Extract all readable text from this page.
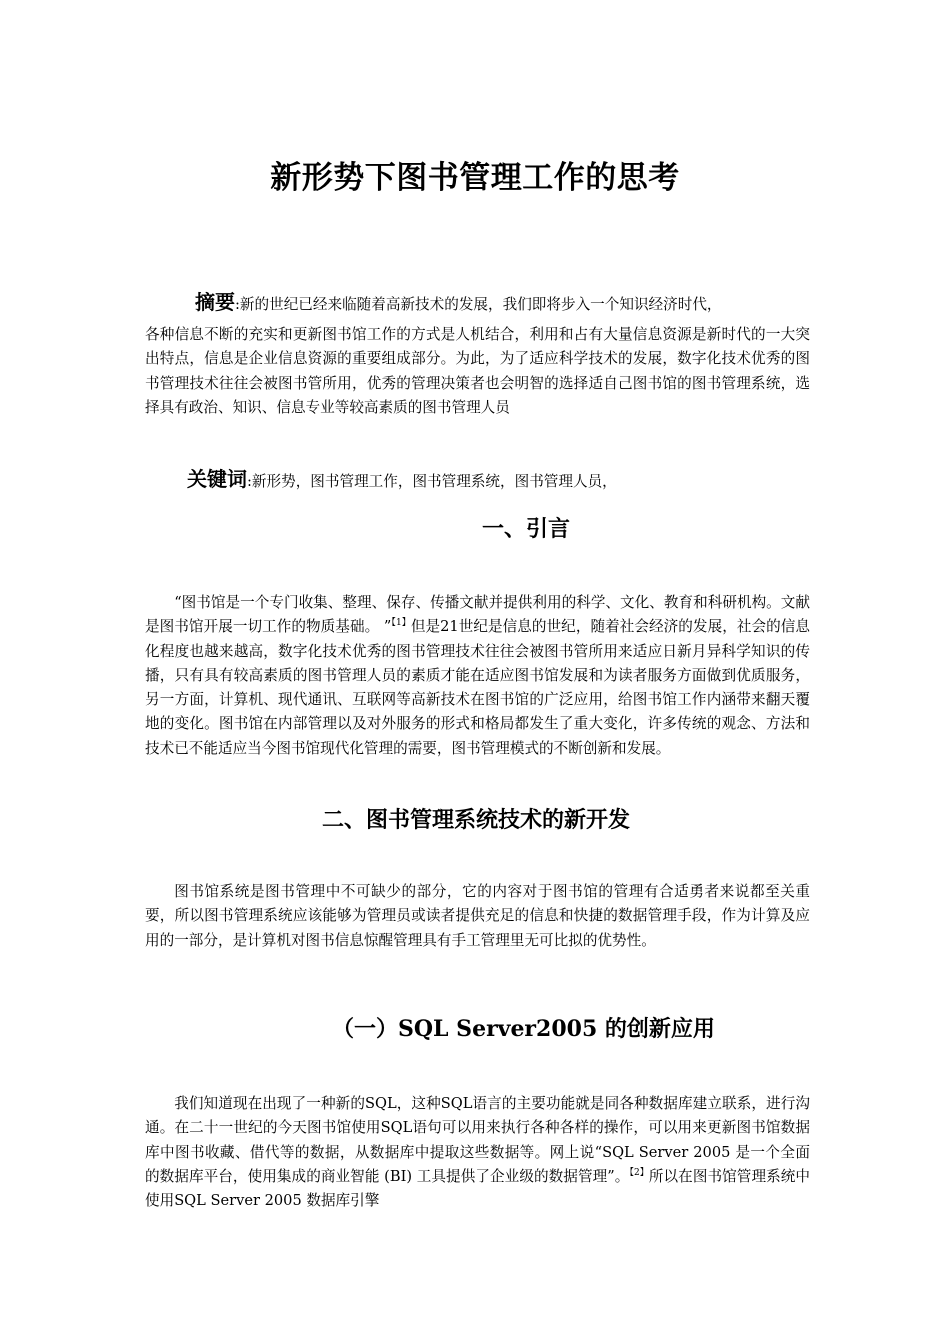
新形势下图书管理工作的思考

摘要:新的世纪已经来临随着高新技术的发展，我们即将步入一个知识经济时代，

各种信息不断的充实和更新图书馆工作的方式是人机结合，利用和占有大量信息资源是新时代的一大突出特点，信息是企业信息资源的重要组成部分。为此，为了适应科学技术的发展，数字化技术优秀的图书管理技术往往会被图书管所用，优秀的管理决策者也会明智的选择适自己图书馆的图书管理系统，选择具有政治、知识、信息专业等较高素质的图书管理人员

关键词:新形势，图书管理工作，图书管理系统，图书管理人员，

一、引言

“图书馆是一个专门收集、整理、保存、传播文献并提供利用的科学、文化、教育和科研机构。文献是图书馆开展一切工作的物质基础。 ”$^{【1】}$但是21世纪是信息的世纪，随着社会经济的发展，社会的信息化程度也越来越高，数字化技术优秀的图书管理技术往往会被图书管所用来适应日新月异科学知识的传播，只有具有较高素质的图书管理人员的素质才能在适应图书馆发展和为读者服务方面做到优质服务，另一方面，计算机、现代通讯、互联网等高新技术在图书馆的广泛应用，给图书馆工作内涵带来翻天覆地的变化。图书馆在内部管理以及对外服务的形式和格局都发生了重大变化，许多传统的观念、方法和技术已不能适应当今图书馆现代化管理的需要，图书管理模式的不断创新和发展。

二、图书管理系统技术的新开发

图书馆系统是图书管理中不可缺少的部分，它的内容对于图书馆的管理有合适勇者来说都至关重要，所以图书管理系统应该能够为管理员或读者提供充足的信息和快捷的数据管理手段，作为计算及应用的一部分，是计算机对图书信息惊醒管理具有手工管理里无可比拟的优势性。

（一）SQL Server2005 的创新应用

我们知道现在出现了一种新的SQL，这种SQL语言的主要功能就是同各种数据库建立联系，进行沟通。在二十一世纪的今天图书馆使用SQL语句可以用来执行各种各样的操作，可以用来更新图书馆数据库中图书收藏、借代等的数据，从数据库中提取这些数据等。网上说“SQL Server 2005 是一个全面的数据库平台，使用集成的商业智能 (BI) 工具提供了企业级的数据管理”。$^{【2】}$所以在图书馆管理系统中使用SQL Server 2005 数据库引擎
